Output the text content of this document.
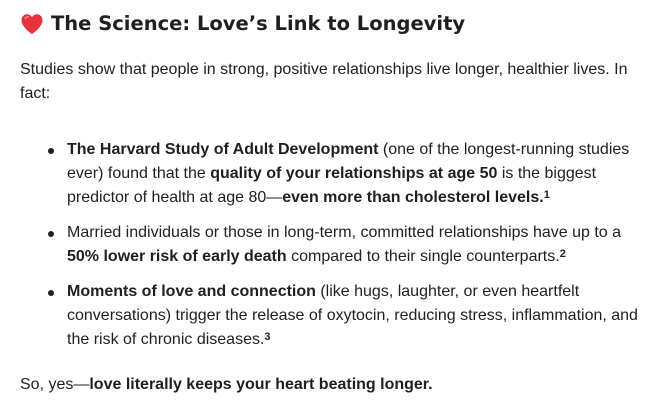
The Science: Love’s Link to Longevity

Studies show that people in strong, positive relationships live longer, healthier lives. In fact:

The Harvard Study of Adult Development (one of the longest-running studies ever) found that the quality of your relationships at age 50 is the biggest predictor of health at age 80—even more than cholesterol levels.$^1$
Married individuals or those in long-term, committed relationships have up to a 50% lower risk of early death compared to their single counterparts.$^2$
Moments of love and connection (like hugs, laughter, or even heartfelt conversations) trigger the release of oxytocin, reducing stress, inflammation, and the risk of chronic diseases.$^3$

So, yes—love literally keeps your heart beating longer.
